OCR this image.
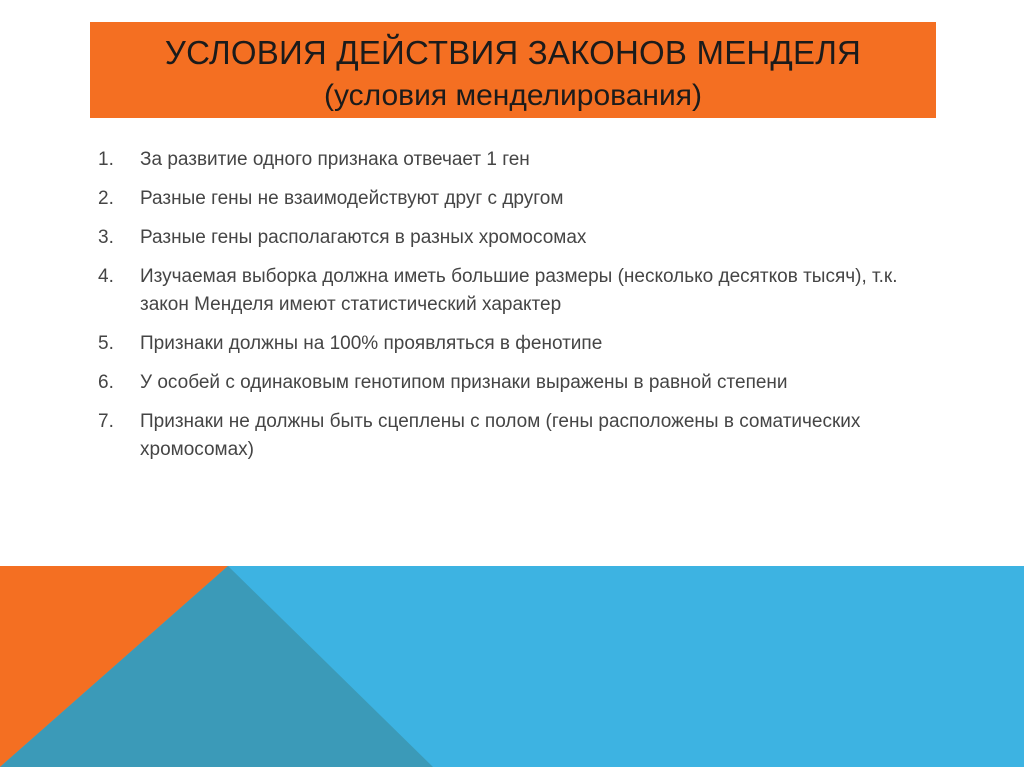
УСЛОВИЯ ДЕЙСТВИЯ ЗАКОНОВ МЕНДЕЛЯ
(условия менделирования)
1.	За развитие одного признака отвечает 1 ген
2.	Разные гены не взаимодействуют друг с другом
3.	Разные гены располагаются в разных хромосомах
4.	Изучаемая выборка должна иметь большие размеры (несколько десятков тысяч), т.к. закон Менделя имеют статистический характер
5.	Признаки должны на 100% проявляться в фенотипе
6.	У особей с одинаковым генотипом признаки выражены в равной степени
7.	Признаки не должны быть сцеплены с полом (гены расположены в соматических хромосомах)
